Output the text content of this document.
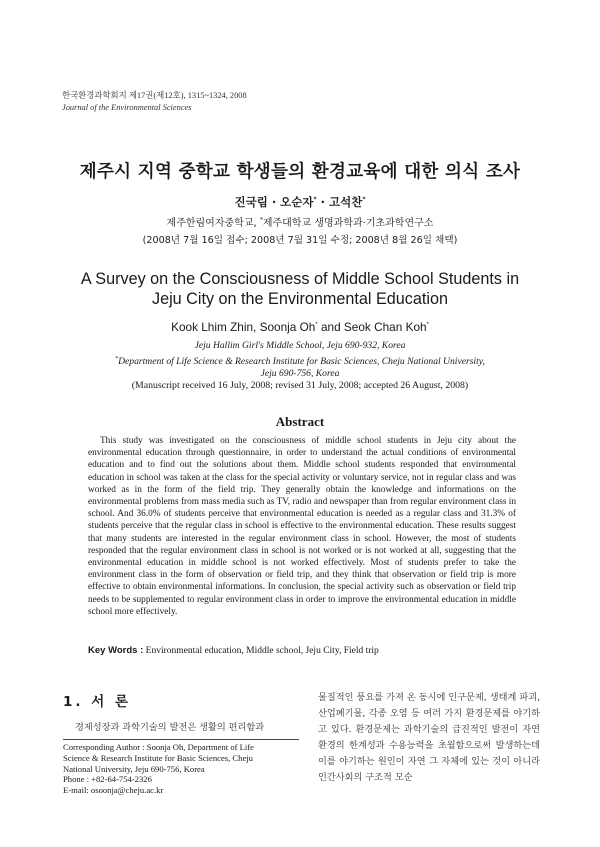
한국환경과학회지 제17권(제12호), 1315~1324, 2008
Journal of the Environmental Sciences
제주시 지역 중학교 학생들의 환경교육에 대한 의식 조사
진국림 · 오순자* · 고석찬*
제주한림여자중학교, *제주대학교 생명과학과·기초과학연구소
(2008년 7월 16일 접수; 2008년 7월 31일 수정; 2008년 8월 26일 채택)
A Survey on the Consciousness of Middle School Students in
Jeju City on the Environmental Education
Kook Lhim Zhin, Soonja Oh* and Seok Chan Koh*
Jeju Hallim Girl's Middle School, Jeju 690-932, Korea
*Department of Life Science & Research Institute for Basic Sciences, Cheju National University,
Jeju 690-756, Korea
(Manuscript received 16 July, 2008; revised 31 July, 2008; accepted 26 August, 2008)
Abstract
This study was investigated on the consciousness of middle school students in Jeju city about the environmental education through questionnaire, in order to understand the actual conditions of environmental education and to find out the solutions about them. Middle school students responded that environmental education in school was taken at the class for the special activity or voluntary service, not in regular class and was worked as in the form of the field trip. They generally obtain the knowledge and informations on the environmental problems from mass media such as TV, radio and newspaper than from regular environment class in school. And 36.0% of students perceive that environmental education is needed as a regular class and 31.3% of students perceive that the regular class in school is effective to the environmental education. These results suggest that many students are interested in the regular environment class in school. However, the most of students responded that the regular environment class in school is not worked or is not worked at all, suggesting that the environmental education in middle school is not worked effectively. Most of students prefer to take the environment class in the form of observation or field trip, and they think that observation or field trip is more effective to obtain environmental informations. In conclusion, the special activity such as observation or field trip needs to be supplemented to regular environment class in order to improve the environmental education in middle school more effectively.
Key Words : Environmental education, Middle school, Jeju City, Field trip
1. 서 론
경제성장과 과학기술의 발전은 생활의 편리함과
Corresponding Author : Soonja Oh, Department of Life
Science & Research Institute for Basic Sciences, Cheju
National University, Jeju 690-756, Korea
Phone : +82-64-754-2326
E-mail: osoonja@cheju.ac.kr
물질적인 풍요를 가져 온 동시에 인구문제, 생태계 파괴, 산업폐기물, 각종 오염 등 여러 가지 환경문제를 야기하고 있다. 환경문제는 과학기술의 급진적인 발전이 자연환경의 한계성과 수용능력을 초월함으로써 발생하는데 이를 야기하는 원인이 자연 그 자체에 있는 것이 아니라 인간사회의 구조적 모순
